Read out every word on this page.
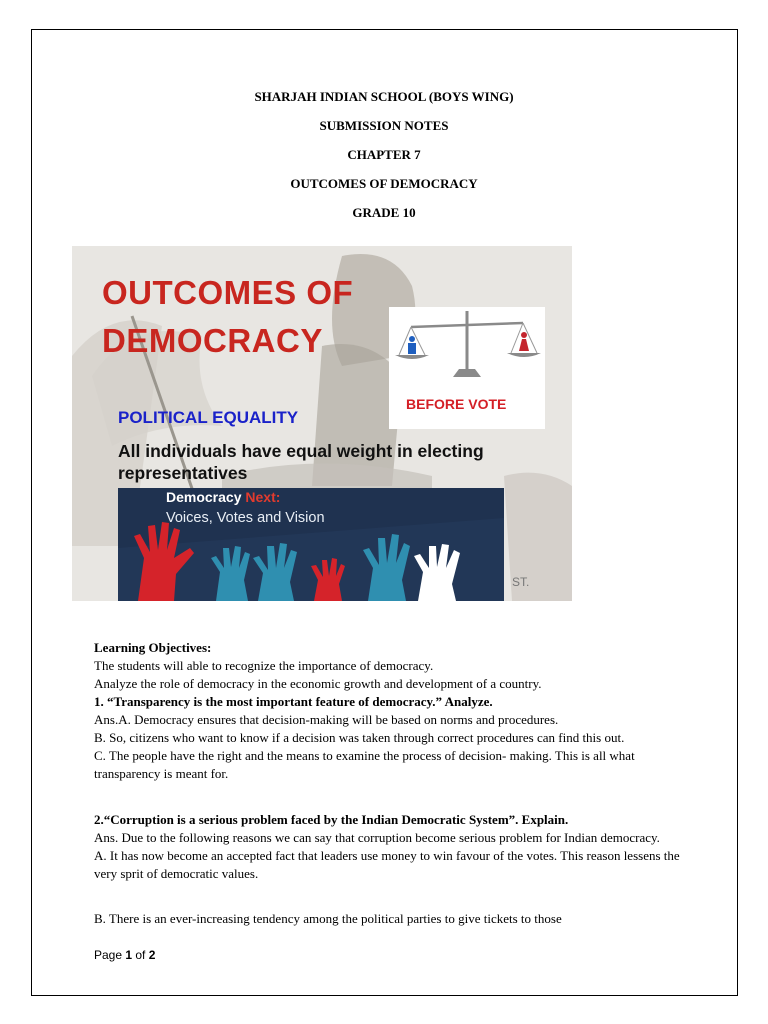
SHARJAH INDIAN SCHOOL (BOYS WING)
SUBMISSION NOTES
CHAPTER 7
OUTCOMES OF DEMOCRACY
GRADE 10
ST.
OUTCOMES OF
DEMOCRACY
BEFORE VOTE
POLITICAL EQUALITY
All individuals have equal weight in electing representatives
Democracy Next:
Voices, Votes and Vision

Learning Objectives:

The students will able to recognize the importance of democracy.

Analyze the role of democracy in the economic growth and development of a country.

1. “Transparency is the most important feature of democracy.” Analyze.

Ans.A. Democracy ensures that decision-making will be based on norms and procedures.

B. So, citizens who want to know if a decision was taken through correct procedures can find this out.

C. The people have the right and the means to examine the process of decision- making. This is all what transparency is meant for.

2.“Corruption is a serious problem faced by the Indian Democratic System”. Explain.

Ans. Due to the following reasons we can say that corruption become serious problem for Indian democracy.

A. It has now become an accepted fact that leaders use money to win favour of the votes. This reason lessens the very sprit of democratic values.

B. There is an ever-increasing tendency among the political parties to give tickets to those

Page 1 of 2
